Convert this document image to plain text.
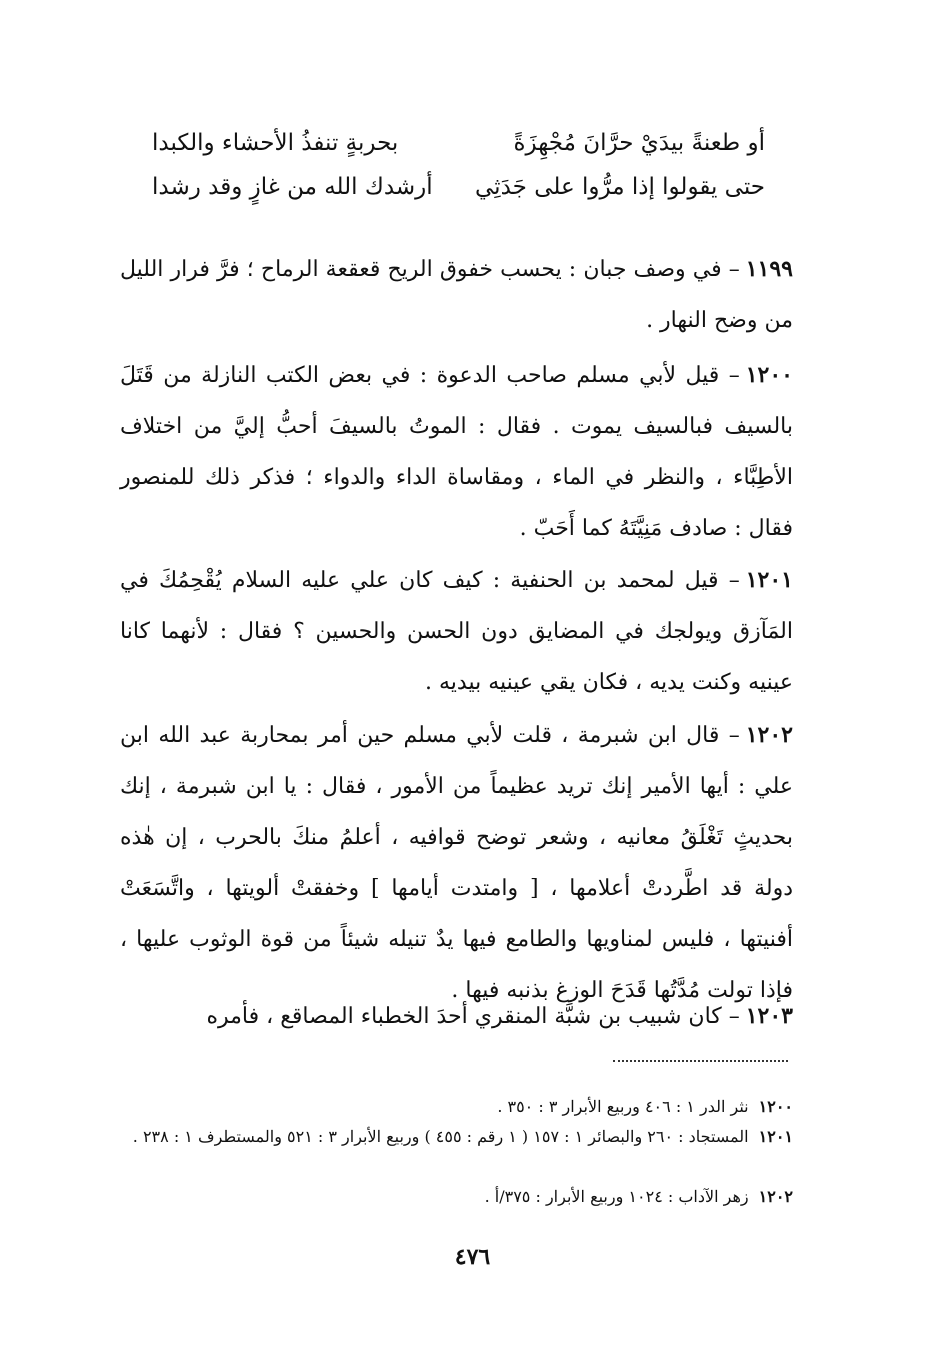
أو طعنةً بيدَيْ حرَّانَ مُجْهِزَةً
بحربةٍ تنفذُ الأحشاء والكبدا
حتى يقولوا إذا مرُّوا على جَدَثِي
أرشدك الله من غازٍ وقد رشدا

١١٩٩– في وصف جبان : يحسب خفوق الريح قعقعة الرماح ؛ فرَّ فرار الليل من وضح النهار .

١٢٠٠– قيل لأبي مسلم صاحب الدعوة : في بعض الكتب النازلة من قَتَلَ بالسيف فبالسيف يموت . فقال : الموتُ بالسيفَ أحبُّ إليَّ من اختلاف الأطِبَّاء ، والنظر في الماء ، ومقاساة الداء والدواء ؛ فذكر ذلك للمنصور فقال : صادف مَنِيَّتَهُ كما أَحَبّ .

١٢٠١– قيل لمحمد بن الحنفية : كيف كان علي عليه السلام يُقْحِمُكَ في المَآزق ويولجك في المضايق دون الحسن والحسين ؟ فقال : لأنهما كانا عينيه وكنت يديه ، فكان يقي عينيه بيديه .

١٢٠٢– قال ابن شبرمة ، قلت لأبي مسلم حين أمر بمحاربة عبد الله ابن علي : أيها الأمير إنك تريد عظيماً من الأمور ، فقال : يا ابن شبرمة ، إنك بحديثٍ تَغْلَقُ معانيه ، وشعر توضح قوافيه ، أعلمُ منكَ بالحرب ، إن هٰذه دولة قد اطَّردتْ أعلامها ، [ وامتدت أيامها ] وخفقتْ ألويتها ، واتَّسَعَتْ أفنيتها ، فليس لمناويها والطامع فيها يدٌ تنيله شيئاً من قوة الوثوب عليها ، فإذا تولت مُدَّتُها قَدَحَ الوزغ بذنبه فيها .

١٢٠٣– كان شبيب بن شبَّة المنقري أحدَ الخطباء المصاقع ، فأمره

١٢٠٠نثر الدر ١ : ٤٠٦ وربيع الأبرار ٣ : ٣٥٠ .

١٢٠١المستجاد : ٢٦٠ والبصائر ١ : ١٥٧ ( ١ رقم : ٤٥٥ ) وربيع الأبرار ٣ : ٥٢١ والمستطرف ١ : ٢٣٨ .

١٢٠٢زهر الآداب : ١٠٢٤ وربيع الأبرار : ٣٧٥/أ .

٤٧٦
